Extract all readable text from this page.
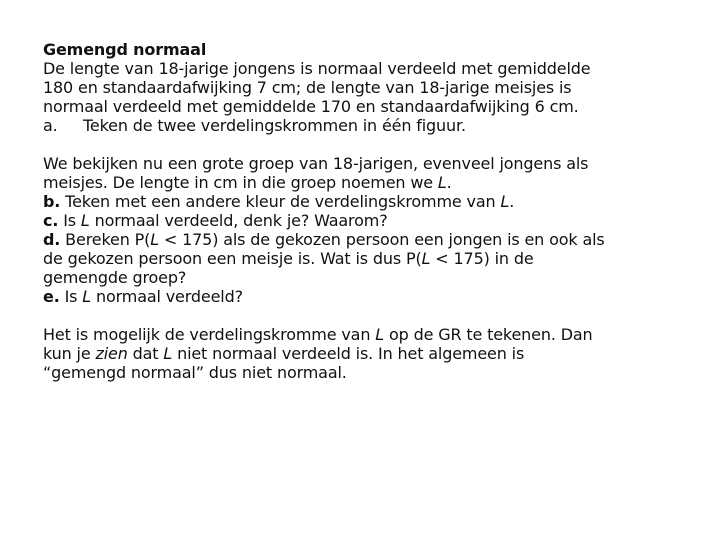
Gemengd normaal
De lengte van 18-jarige jongens is normaal verdeeld met gemiddelde
180 en standaardafwijking 7 cm; de lengte van 18-jarige meisjes is
normaal verdeeld met gemiddelde 170 en standaardafwijking 6 cm.
a. Teken de twee verdelingskrommen in één figuur.
We bekijken nu een grote groep van 18-jarigen, evenveel jongens als
meisjes. De lengte in cm in die groep noemen we L.
b. Teken met een andere kleur de verdelingskromme van L.
c. Is L normaal verdeeld, denk je? Waarom?
d. Bereken P(L < 175) als de gekozen persoon een jongen is en ook als
de gekozen persoon een meisje is. Wat is dus P(L < 175) in de
gemengde groep?
e. Is L normaal verdeeld?
Het is mogelijk de verdelingskromme van L op de GR te tekenen. Dan
kun je zien dat L niet normaal verdeeld is. In het algemeen is
“gemengd normaal” dus niet normaal.
